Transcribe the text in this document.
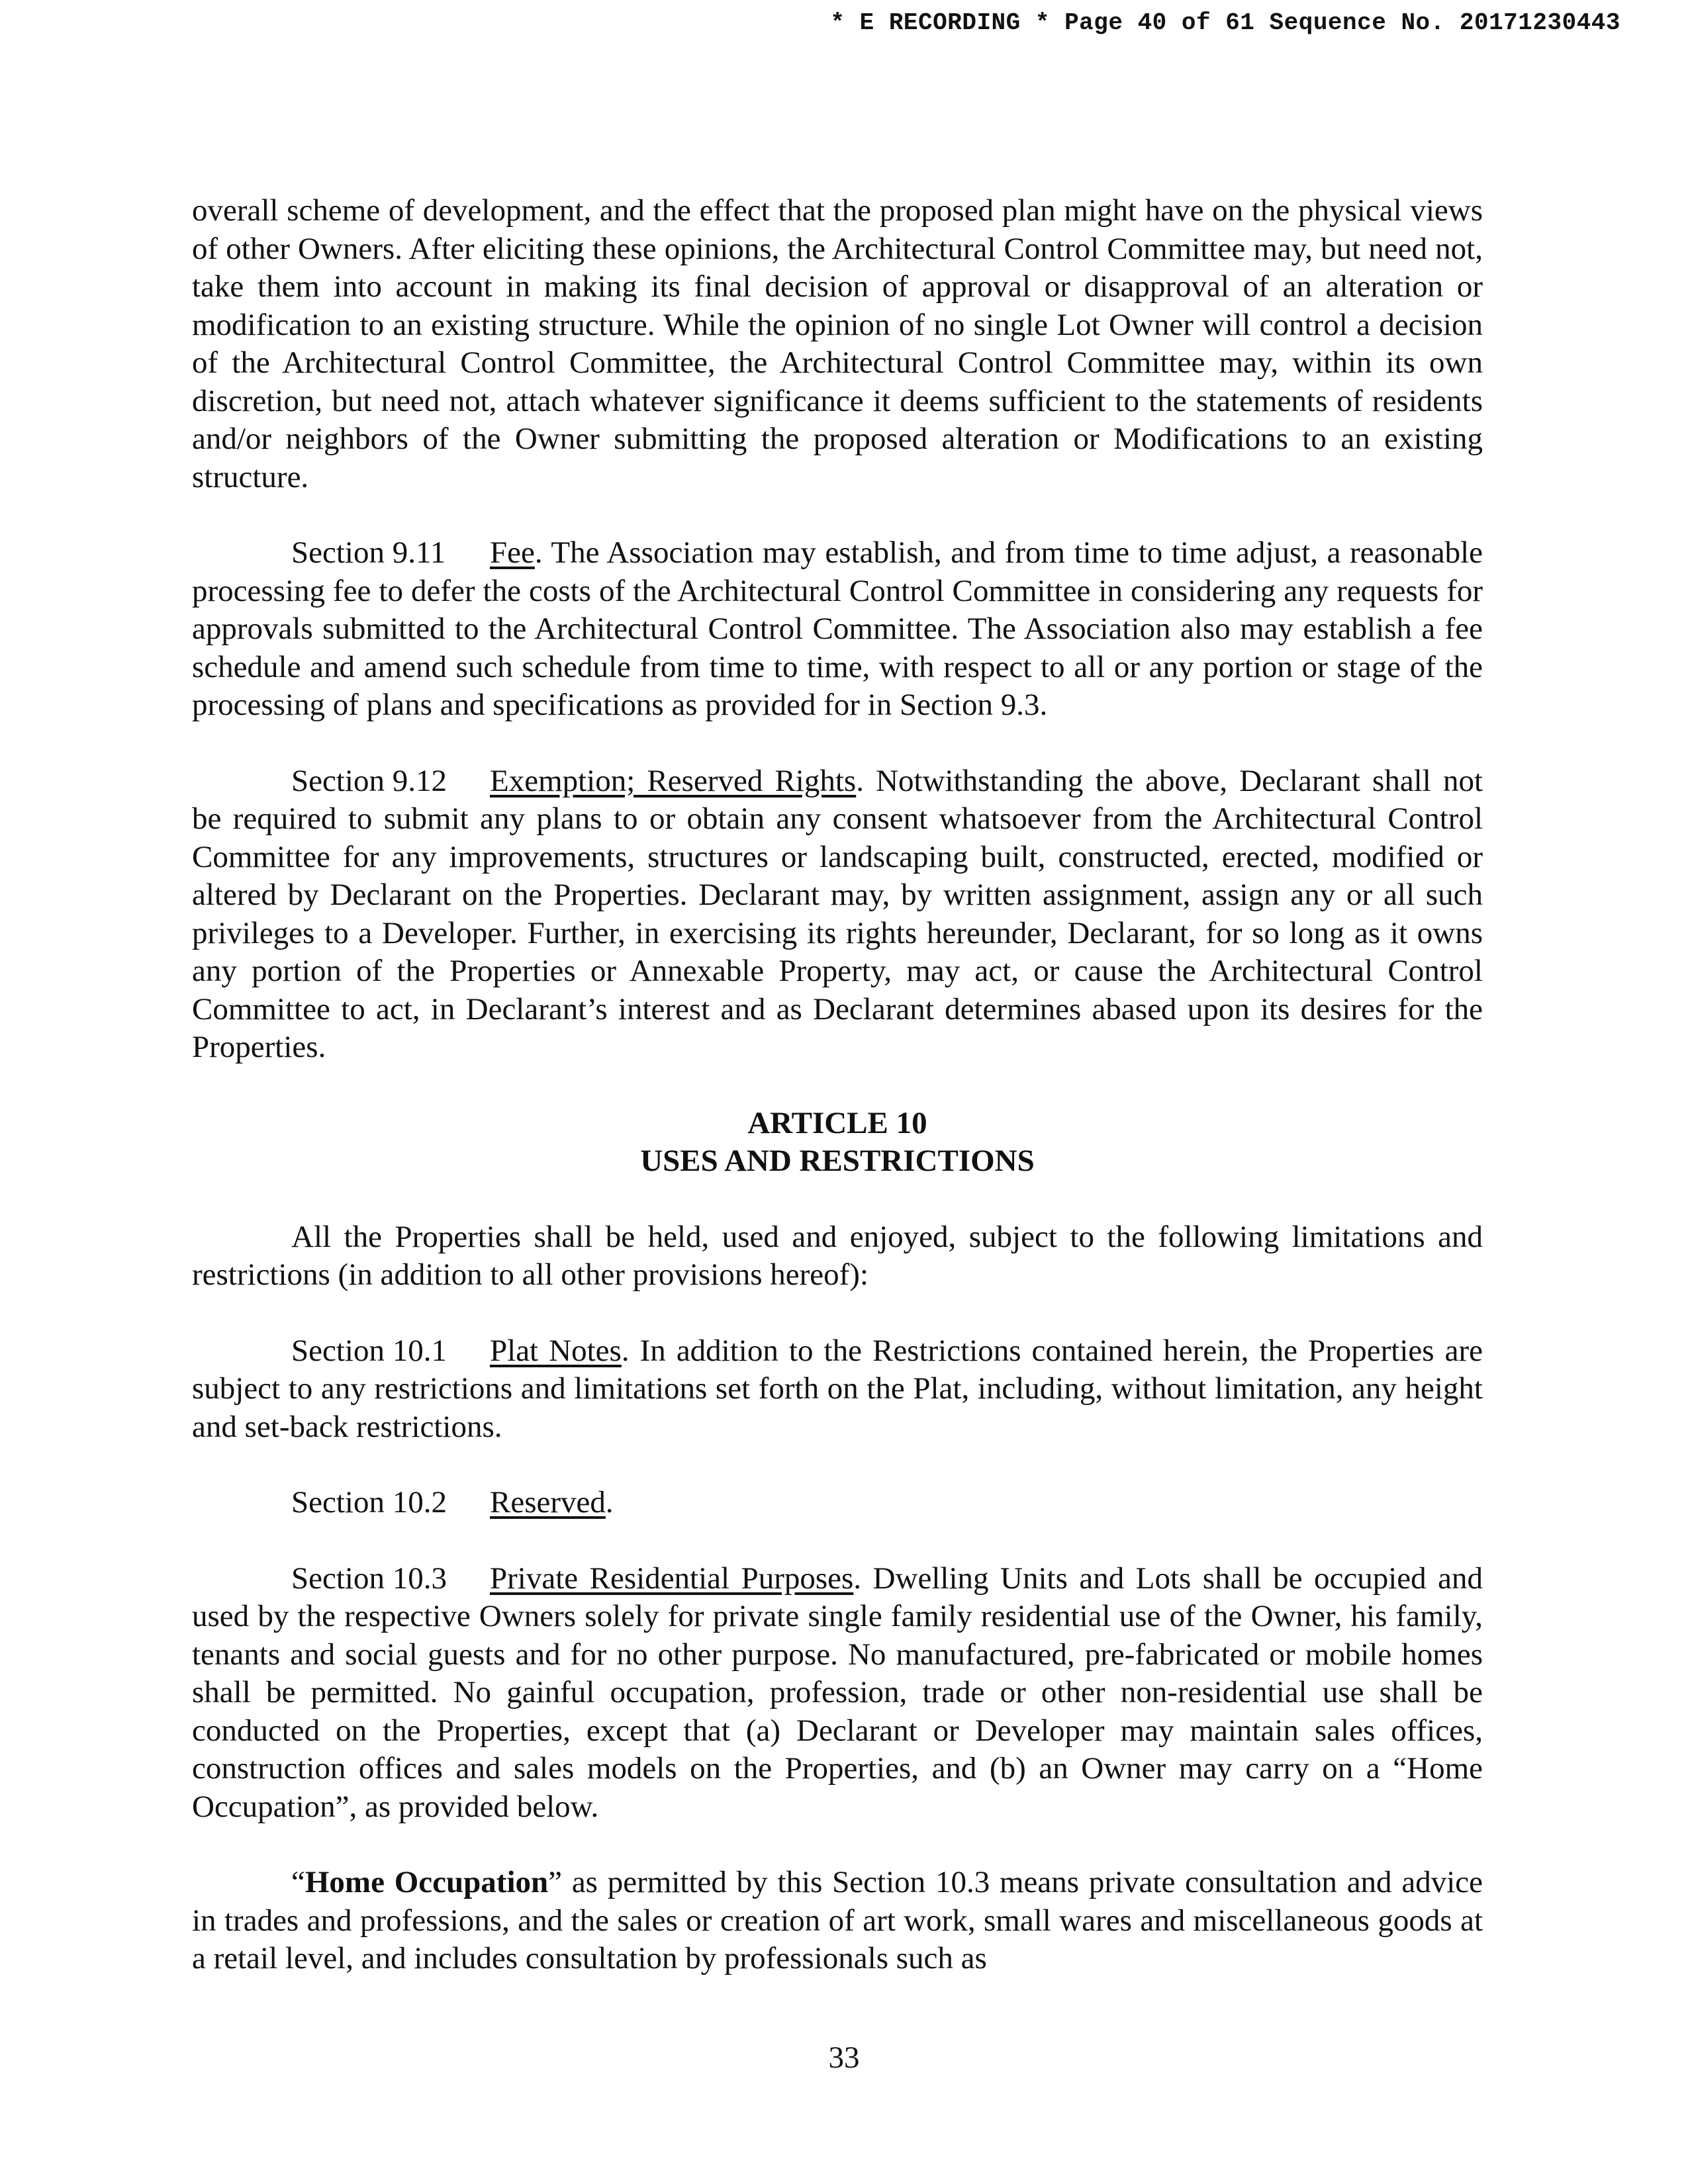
* E RECORDING * Page 40 of 61 Sequence No. 20171230443

overall scheme of development, and the effect that the proposed plan might have on the physical views of other Owners. After eliciting these opinions, the Architectural Control Committee may, but need not, take them into account in making its final decision of approval or disapproval of an alteration or modification to an existing structure. While the opinion of no single Lot Owner will control a decision of the Architectural Control Committee, the Architectural Control Committee may, within its own discretion, but need not, attach whatever significance it deems sufficient to the statements of residents and/or neighbors of the Owner submitting the proposed alteration or Modifications to an existing structure.

Section 9.11 Fee. The Association may establish, and from time to time adjust, a reasonable processing fee to defer the costs of the Architectural Control Committee in considering any requests for approvals submitted to the Architectural Control Committee. The Association also may establish a fee schedule and amend such schedule from time to time, with respect to all or any portion or stage of the processing of plans and specifications as provided for in Section 9.3.

Section 9.12 Exemption; Reserved Rights. Notwithstanding the above, Declarant shall not be required to submit any plans to or obtain any consent whatsoever from the Architectural Control Committee for any improvements, structures or landscaping built, constructed, erected, modified or altered by Declarant on the Properties. Declarant may, by written assignment, assign any or all such privileges to a Developer. Further, in exercising its rights hereunder, Declarant, for so long as it owns any portion of the Properties or Annexable Property, may act, or cause the Architectural Control Committee to act, in Declarant’s interest and as Declarant determines abased upon its desires for the Properties.

ARTICLE 10
USES AND RESTRICTIONS

All the Properties shall be held, used and enjoyed, subject to the following limitations and restrictions (in addition to all other provisions hereof):

Section 10.1 Plat Notes. In addition to the Restrictions contained herein, the Properties are subject to any restrictions and limitations set forth on the Plat, including, without limitation, any height and set-back restrictions.

Section 10.2 Reserved.

Section 10.3 Private Residential Purposes. Dwelling Units and Lots shall be occupied and used by the respective Owners solely for private single family residential use of the Owner, his family, tenants and social guests and for no other purpose. No manufactured, pre-fabricated or mobile homes shall be permitted. No gainful occupation, profession, trade or other non-residential use shall be conducted on the Properties, except that (a) Declarant or Developer may maintain sales offices, construction offices and sales models on the Properties, and (b) an Owner may carry on a “Home Occupation”, as provided below.

“Home Occupation” as permitted by this Section 10.3 means private consultation and advice in trades and professions, and the sales or creation of art work, small wares and miscellaneous goods at a retail level, and includes consultation by professionals such as

33
